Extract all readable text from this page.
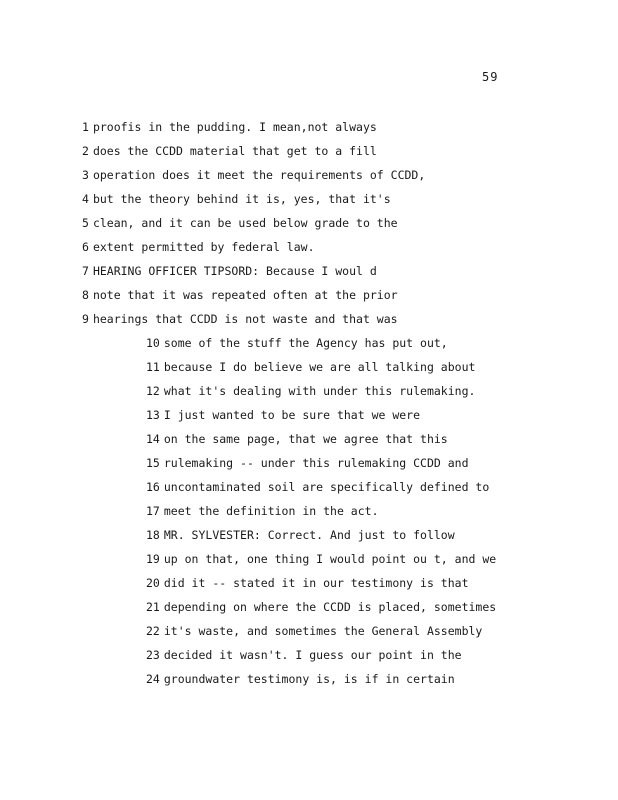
59
1 proofis in the pudding. I mean,not always
2 does the CCDD material that get to a fill
3 operation does it meet the requirements of CCDD,
4 but the theory behind it is, yes, that it's
5 clean, and it can be used below grade to the
6 extent permitted by federal law.
7 HEARING OFFICER TIPSORD: Because I woul d
8 note that it was repeated often at the prior
9 hearings that CCDD is not waste and that was
10 some of the stuff the Agency has put out,
11 because I do believe we are all talking about
12 what it's dealing with under this rulemaking.
13 I just wanted to be sure that we were
14 on the same page, that we agree that this
15 rulemaking -- under this rulemaking CCDD and
16 uncontaminated soil are specifically defined to
17 meet the definition in the act.
18 MR. SYLVESTER: Correct. And just to follow
19 up on that, one thing I would point ou t, and we
20 did it -- stated it in our testimony is that
21 depending on where the CCDD is placed, sometimes
22 it's waste, and sometimes the General Assembly
23 decided it wasn't. I guess our point in the
24 groundwater testimony is, is if in certain
